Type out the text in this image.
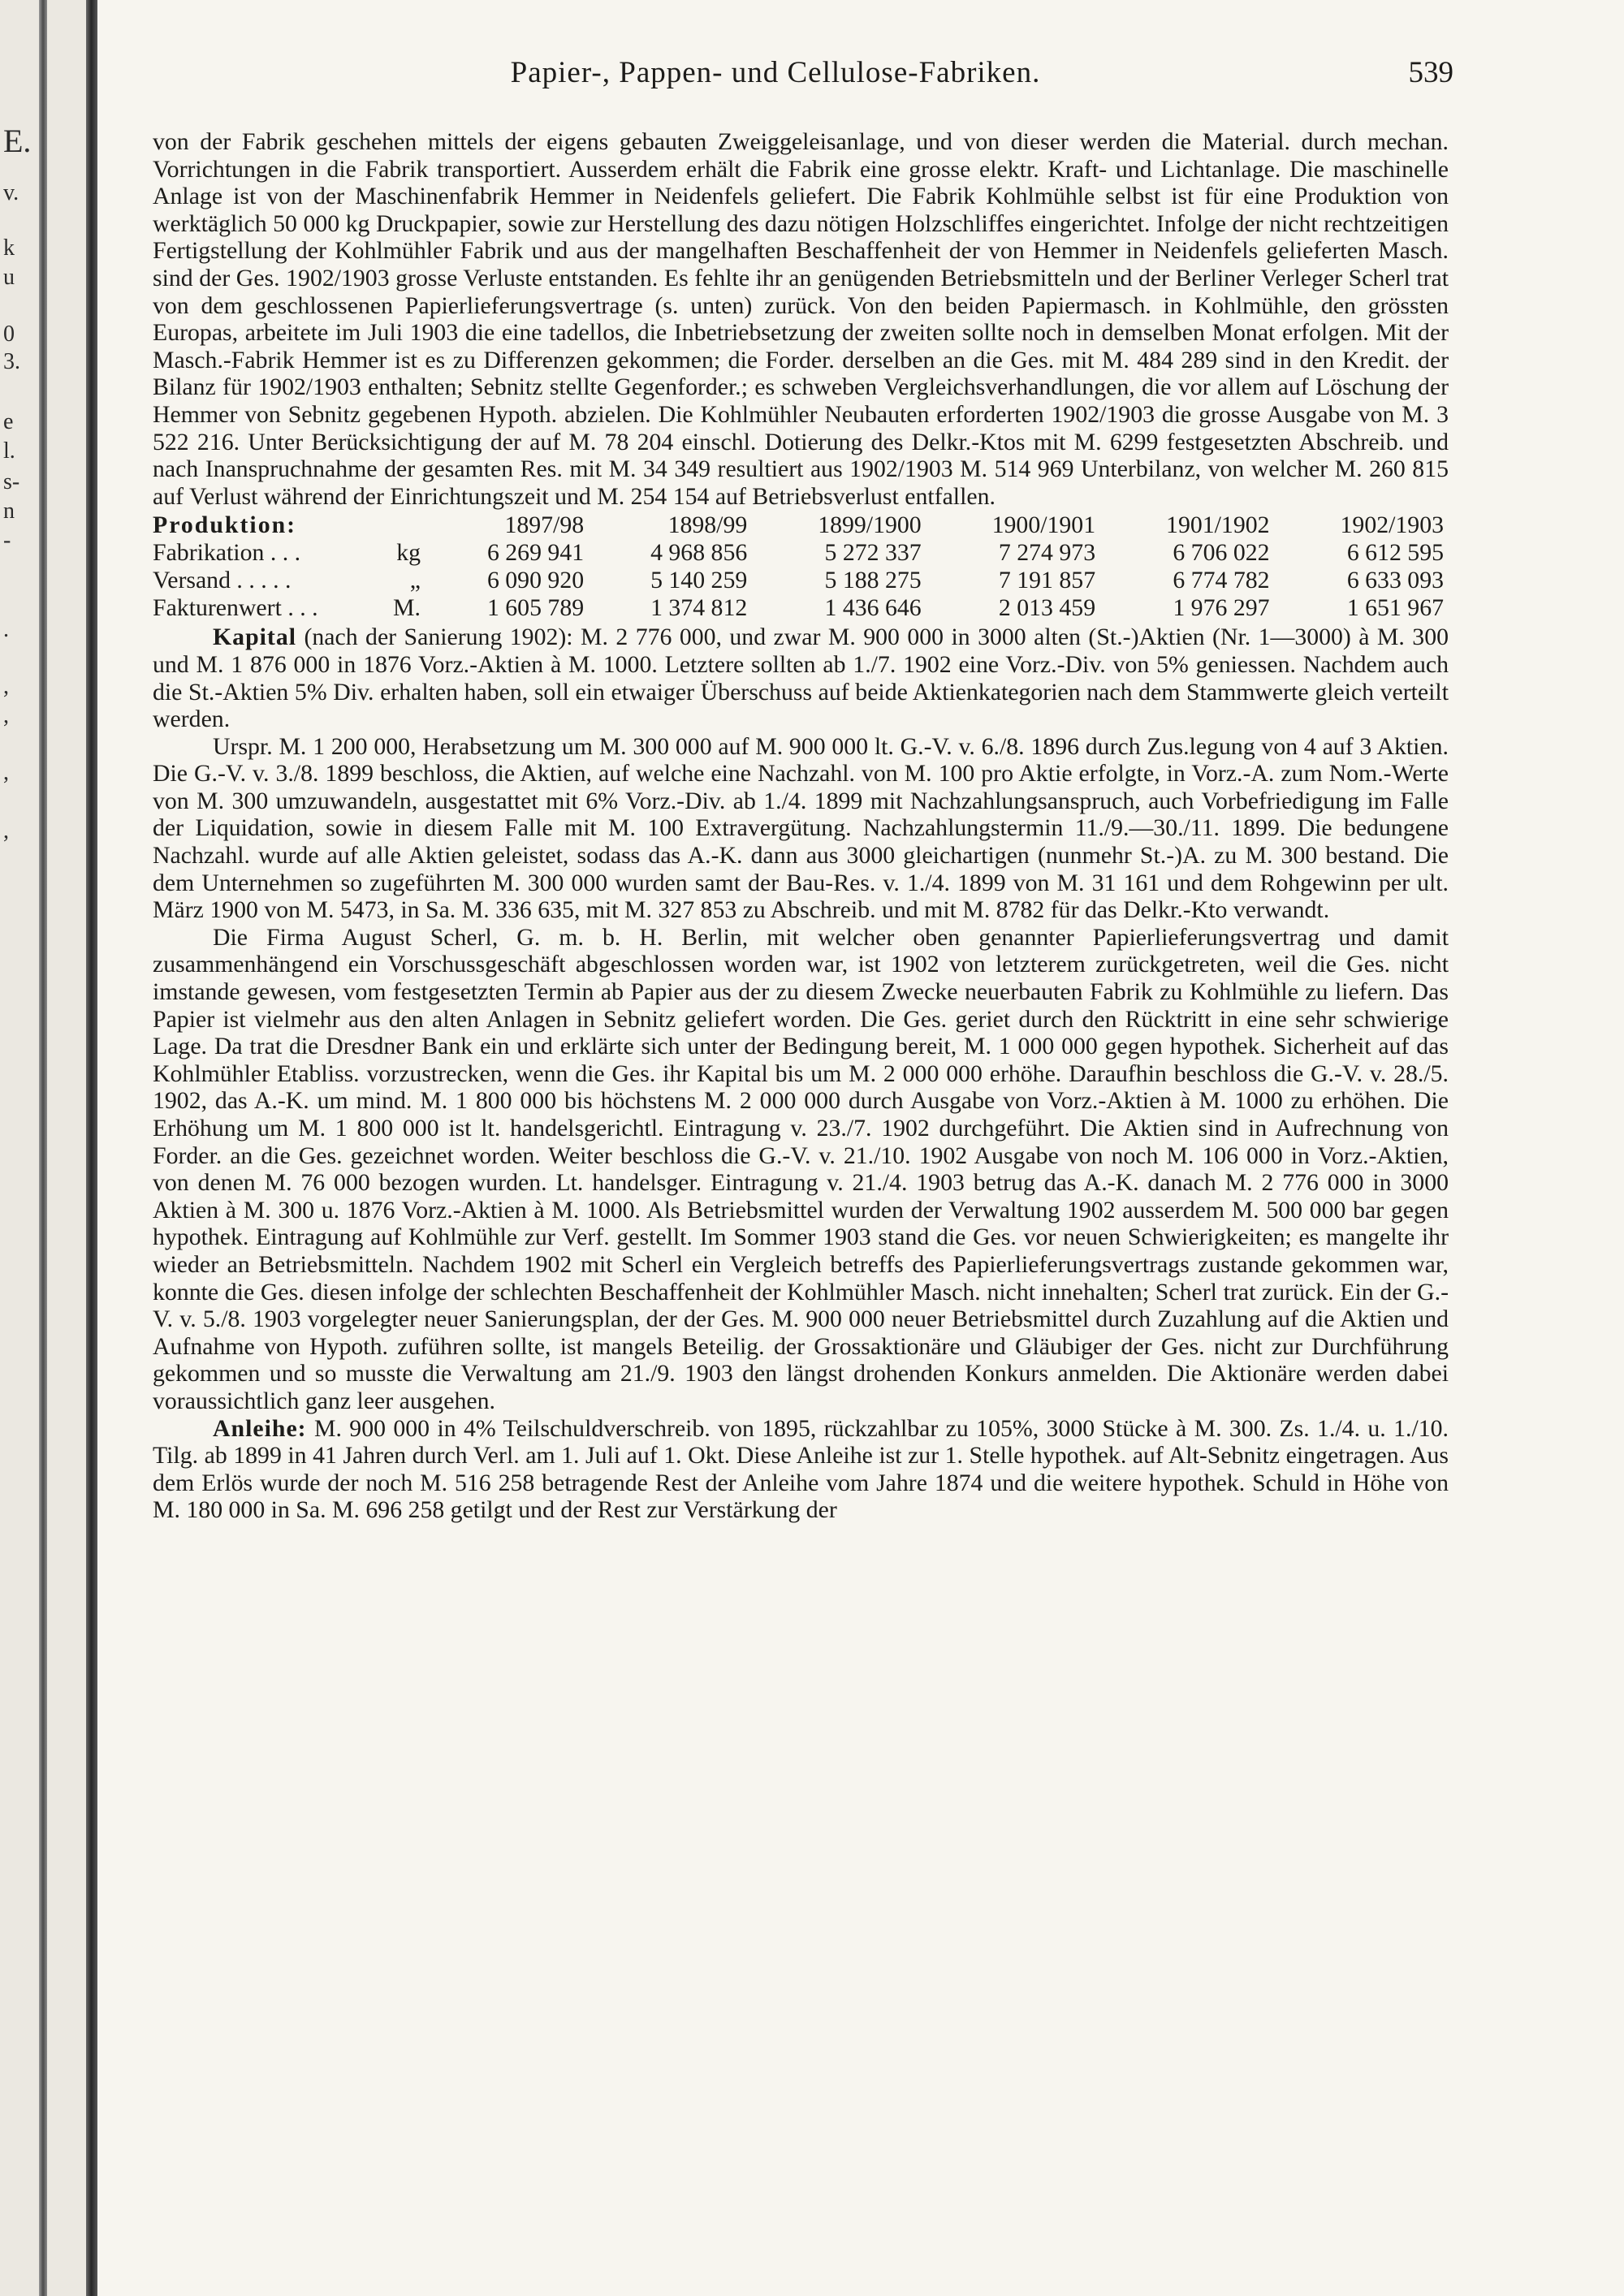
E.
v.
k
u
0
3.
e
l.
s-
n
-
.
,
,
,
,
Papier-, Pappen- und Cellulose-Fabriken.	539

von der Fabrik geschehen mittels der eigens gebauten Zweiggeleisanlage, und von dieser werden die Material. durch mechan. Vorrichtungen in die Fabrik transportiert. Ausserdem erhält die Fabrik eine grosse elektr. Kraft- und Lichtanlage. Die maschinelle Anlage ist von der Maschinenfabrik Hemmer in Neidenfels geliefert. Die Fabrik Kohlmühle selbst ist für eine Produktion von werktäglich 50 000 kg Druckpapier, sowie zur Herstellung des dazu nötigen Holzschliffes eingerichtet. Infolge der nicht rechtzeitigen Fertigstellung der Kohlmühler Fabrik und aus der mangelhaften Beschaffenheit der von Hemmer in Neidenfels gelieferten Masch. sind der Ges. 1902/1903 grosse Verluste entstanden. Es fehlte ihr an genügenden Betriebsmitteln und der Berliner Verleger Scherl trat von dem geschlossenen Papierlieferungsvertrage (s. unten) zurück. Von den beiden Papiermasch. in Kohlmühle, den grössten Europas, arbeitete im Juli 1903 die eine tadellos, die Inbetriebsetzung der zweiten sollte noch in demselben Monat erfolgen. Mit der Masch.-Fabrik Hemmer ist es zu Differenzen gekommen; die Forder. derselben an die Ges. mit M. 484 289 sind in den Kredit. der Bilanz für 1902/1903 enthalten; Sebnitz stellte Gegenforder.; es schweben Vergleichsverhandlungen, die vor allem auf Löschung der Hemmer von Sebnitz gegebenen Hypoth. abzielen. Die Kohlmühler Neubauten erforderten 1902/1903 die grosse Ausgabe von M. 3 522 216. Unter Berücksichtigung der auf M. 78 204 einschl. Dotierung des Delkr.-Ktos mit M. 6299 festgesetzten Abschreib. und nach Inanspruchnahme der gesamten Res. mit M. 34 349 resultiert aus 1902/1903 M. 514 969 Unterbilanz, von welcher M. 260 815 auf Verlust während der Einrichtungszeit und M. 254 154 auf Betriebsverlust entfallen.

Produktion:		1897/98	1898/99	1899/1900	1900/1901	1901/1902	1902/1903
Fabrikation . . .	kg	6 269 941	4 968 856	5 272 337	7 274 973	6 706 022	6 612 595
Versand . . . . .	„	6 090 920	5 140 259	5 188 275	7 191 857	6 774 782	6 633 093
Fakturenwert . . .	M.	1 605 789	1 374 812	1 436 646	2 013 459	1 976 297	1 651 967

Kapital (nach der Sanierung 1902): M. 2 776 000, und zwar M. 900 000 in 3000 alten (St.-)Aktien (Nr. 1—3000) à M. 300 und M. 1 876 000 in 1876 Vorz.-Aktien à M. 1000. Letztere sollten ab 1./7. 1902 eine Vorz.-Div. von 5% geniessen. Nachdem auch die St.-Aktien 5% Div. erhalten haben, soll ein etwaiger Überschuss auf beide Aktienkategorien nach dem Stammwerte gleich verteilt werden.

Urspr. M. 1 200 000, Herabsetzung um M. 300 000 auf M. 900 000 lt. G.-V. v. 6./8. 1896 durch Zus.legung von 4 auf 3 Aktien. Die G.-V. v. 3./8. 1899 beschloss, die Aktien, auf welche eine Nachzahl. von M. 100 pro Aktie erfolgte, in Vorz.-A. zum Nom.-Werte von M. 300 umzuwandeln, ausgestattet mit 6% Vorz.-Div. ab 1./4. 1899 mit Nachzahlungsanspruch, auch Vorbefriedigung im Falle der Liquidation, sowie in diesem Falle mit M. 100 Extravergütung. Nachzahlungstermin 11./9.—30./11. 1899. Die bedungene Nachzahl. wurde auf alle Aktien geleistet, sodass das A.-K. dann aus 3000 gleichartigen (nunmehr St.-)A. zu M. 300 bestand. Die dem Unternehmen so zugeführten M. 300 000 wurden samt der Bau-Res. v. 1./4. 1899 von M. 31 161 und dem Rohgewinn per ult. März 1900 von M. 5473, in Sa. M. 336 635, mit M. 327 853 zu Abschreib. und mit M. 8782 für das Delkr.-Kto verwandt.

Die Firma August Scherl, G. m. b. H. Berlin, mit welcher oben genannter Papierlieferungsvertrag und damit zusammenhängend ein Vorschussgeschäft abgeschlossen worden war, ist 1902 von letzterem zurückgetreten, weil die Ges. nicht imstande gewesen, vom festgesetzten Termin ab Papier aus der zu diesem Zwecke neuerbauten Fabrik zu Kohlmühle zu liefern. Das Papier ist vielmehr aus den alten Anlagen in Sebnitz geliefert worden. Die Ges. geriet durch den Rücktritt in eine sehr schwierige Lage. Da trat die Dresdner Bank ein und erklärte sich unter der Bedingung bereit, M. 1 000 000 gegen hypothek. Sicherheit auf das Kohlmühler Etabliss. vorzustrecken, wenn die Ges. ihr Kapital bis um M. 2 000 000 erhöhe. Daraufhin beschloss die G.-V. v. 28./5. 1902, das A.-K. um mind. M. 1 800 000 bis höchstens M. 2 000 000 durch Ausgabe von Vorz.-Aktien à M. 1000 zu erhöhen. Die Erhöhung um M. 1 800 000 ist lt. handelsgerichtl. Eintragung v. 23./7. 1902 durchgeführt. Die Aktien sind in Aufrechnung von Forder. an die Ges. gezeichnet worden. Weiter beschloss die G.-V. v. 21./10. 1902 Ausgabe von noch M. 106 000 in Vorz.-Aktien, von denen M. 76 000 bezogen wurden. Lt. handelsger. Eintragung v. 21./4. 1903 betrug das A.-K. danach M. 2 776 000 in 3000 Aktien à M. 300 u. 1876 Vorz.-Aktien à M. 1000. Als Betriebsmittel wurden der Verwaltung 1902 ausserdem M. 500 000 bar gegen hypothek. Eintragung auf Kohlmühle zur Verf. gestellt. Im Sommer 1903 stand die Ges. vor neuen Schwierigkeiten; es mangelte ihr wieder an Betriebsmitteln. Nachdem 1902 mit Scherl ein Vergleich betreffs des Papierlieferungsvertrags zustande gekommen war, konnte die Ges. diesen infolge der schlechten Beschaffenheit der Kohlmühler Masch. nicht innehalten; Scherl trat zurück. Ein der G.-V. v. 5./8. 1903 vorgelegter neuer Sanierungsplan, der der Ges. M. 900 000 neuer Betriebsmittel durch Zuzahlung auf die Aktien und Aufnahme von Hypoth. zuführen sollte, ist mangels Beteilig. der Grossaktionäre und Gläubiger der Ges. nicht zur Durchführung gekommen und so musste die Verwaltung am 21./9. 1903 den längst drohenden Konkurs anmelden. Die Aktionäre werden dabei voraussichtlich ganz leer ausgehen.

Anleihe: M. 900 000 in 4% Teilschuldverschreib. von 1895, rückzahlbar zu 105%, 3000 Stücke à M. 300. Zs. 1./4. u. 1./10. Tilg. ab 1899 in 41 Jahren durch Verl. am 1. Juli auf 1. Okt. Diese Anleihe ist zur 1. Stelle hypothek. auf Alt-Sebnitz eingetragen. Aus dem Erlös wurde der noch M. 516 258 betragende Rest der Anleihe vom Jahre 1874 und die weitere hypothek. Schuld in Höhe von M. 180 000 in Sa. M. 696 258 getilgt und der Rest zur Verstärkung der
